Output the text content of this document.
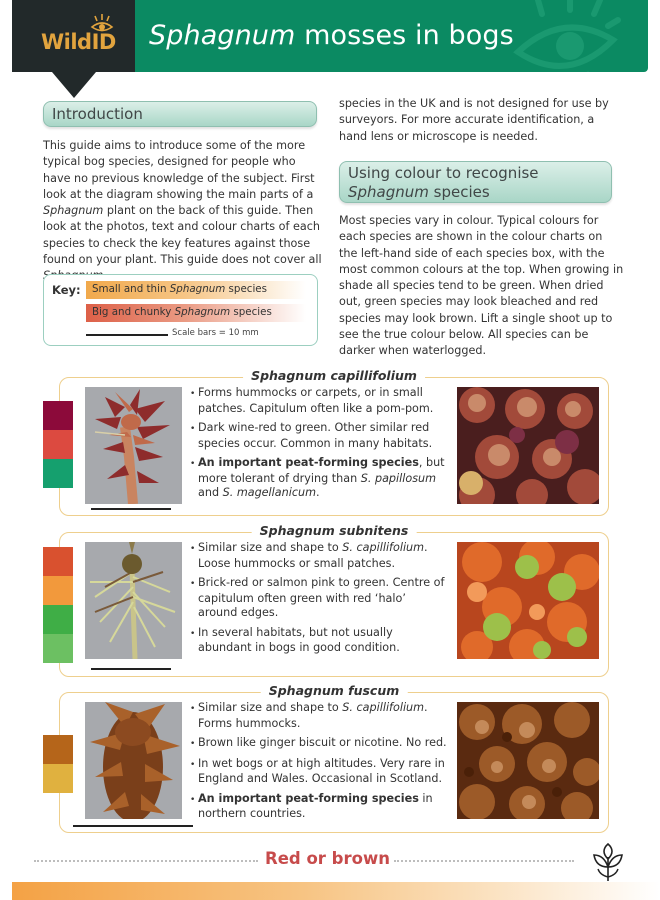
Sphagnum mosses in bogs
WildID
Introduction
This guide aims to introduce some of the more typical bog species, designed for people who have no previous knowledge of the subject. First look at the diagram showing the main parts of a Sphagnum plant on the back of this guide. Then look at the photos, text and colour charts of each species to check the key features against those found on your plant. This guide does not cover all
species in the UK and is not designed for use by surveyors. For more accurate identification, a hand lens or microscope is needed.
Key:	Small and thin Sphagnum species
Big and chunky Sphagnum species
Scale bars = 10 mm
Using colour to recognise
Sphagnum species
Most species vary in colour. Typical colours for each species are shown in the colour charts on the left-hand side of each species box, with the most common colours at the top. When growing in shade all species tend to be green. When dried out, green species may look bleached and red species may look brown. Lift a single shoot up to see the true colour below. All species can be darker when waterlogged.
Sphagnum capillifolium
• Forms hummocks or carpets, or in small patches. Capitulum often like a pom-pom.
• Dark wine-red to green. Other similar red species occur. Common in many habitats.
• An important peat-forming species, but more tolerant of drying than S. papillosum and S. magellanicum.
Sphagnum subnitens
• Similar size and shape to S. capillifolium. Loose hummocks or small patches.
• Brick-red or salmon pink to green. Centre of capitulum often green with red ‘halo’ around edges.
• In several habitats, but not usually abundant in bogs in good condition.
Sphagnum fuscum
• Similar size and shape to S. capillifolium. Forms hummocks.
• Brown like ginger biscuit or nicotine. No red.
• In wet bogs or at high altitudes. Very rare in England and Wales. Occasional in Scotland.
• An important peat-forming species in northern countries.
Red or brown
